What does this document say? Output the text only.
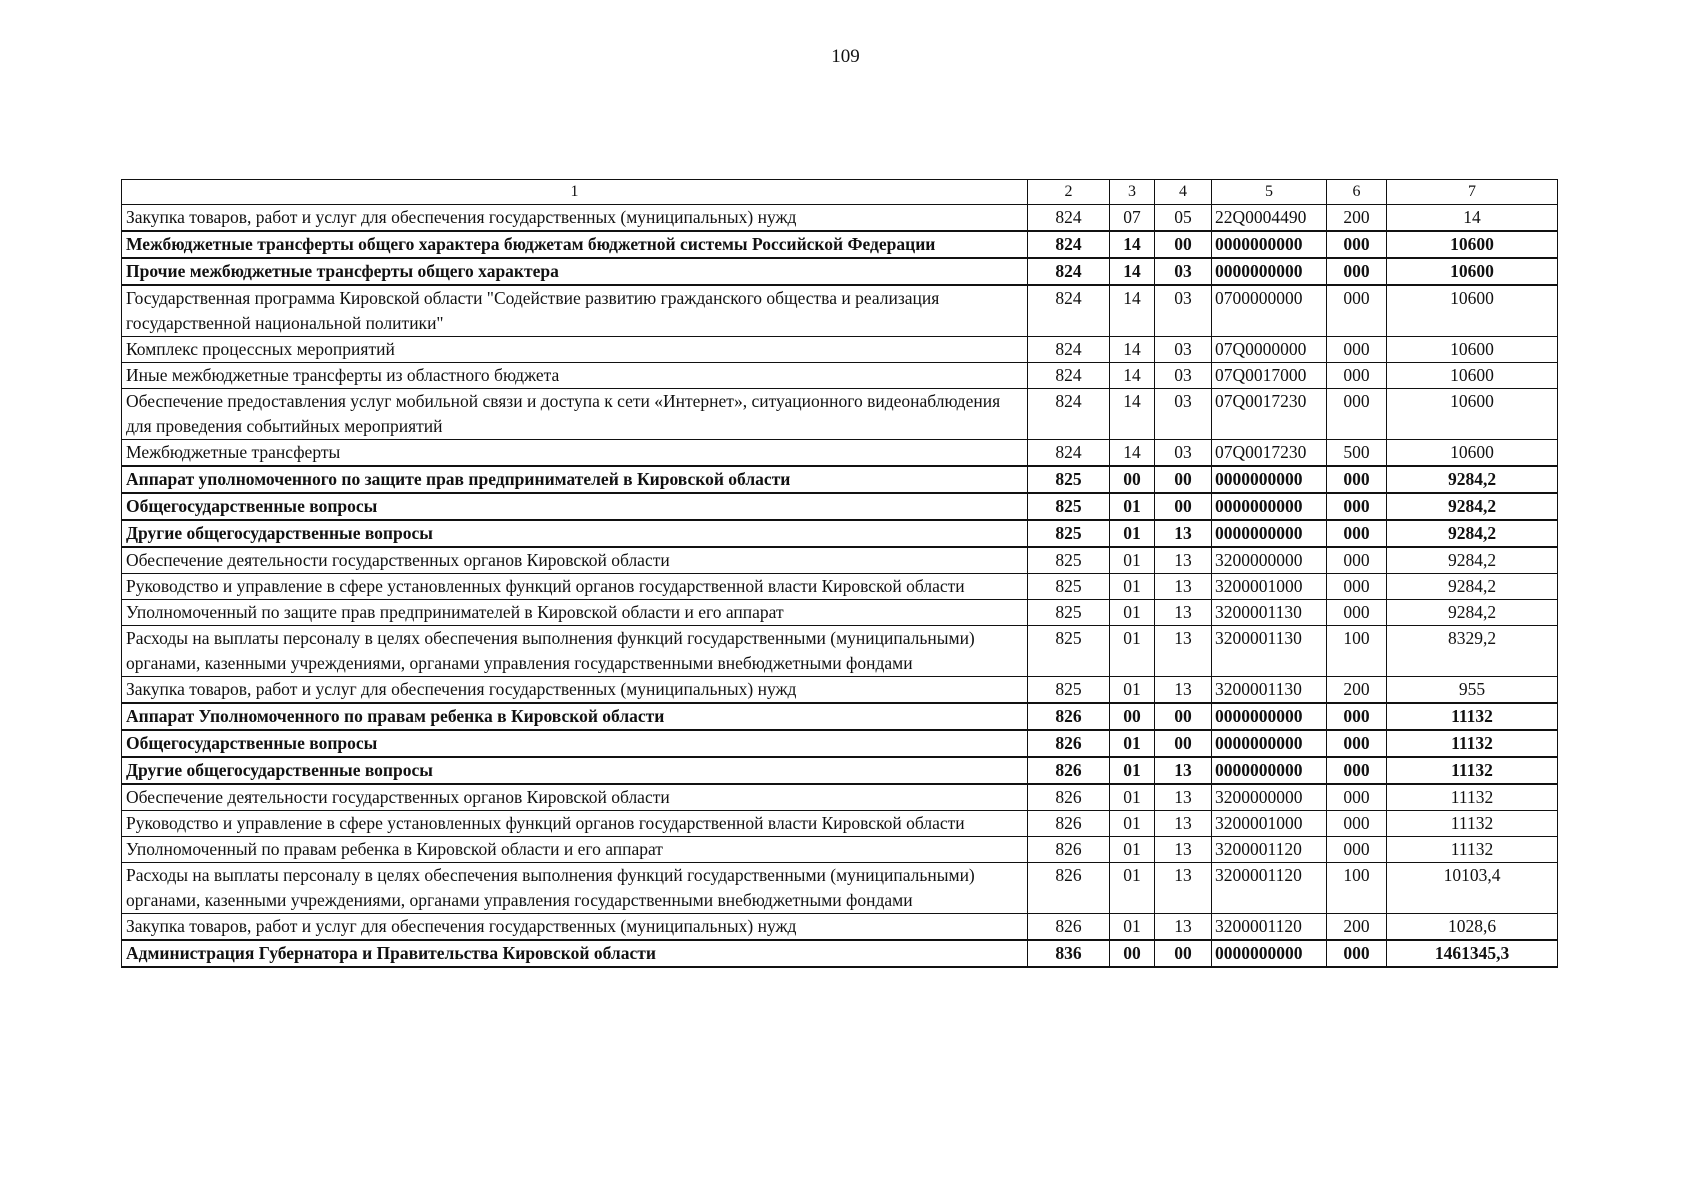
109
1	2	3	4	5	6	7
Закупка товаров, работ и услуг для обеспечения государственных (муниципальных) нужд	824	07	05	22Q0004490	200	14
Межбюджетные трансферты общего характера бюджетам бюджетной системы Российской Федерации	824	14	00	0000000000	000	10600
Прочие межбюджетные трансферты общего характера	824	14	03	0000000000	000	10600
Государственная программа Кировской области "Содействие развитию гражданского общества и реализация государственной национальной политики"	824	14	03	0700000000	000	10600
Комплекс процессных мероприятий	824	14	03	07Q0000000	000	10600
Иные межбюджетные трансферты из областного бюджета	824	14	03	07Q0017000	000	10600
Обеспечение предоставления услуг мобильной связи и доступа к сети «Интернет», ситуационного видеонаблюдения для проведения событийных мероприятий	824	14	03	07Q0017230	000	10600
Межбюджетные трансферты	824	14	03	07Q0017230	500	10600
Аппарат уполномоченного по защите прав предпринимателей в Кировской области	825	00	00	0000000000	000	9284,2
Общегосударственные вопросы	825	01	00	0000000000	000	9284,2
Другие общегосударственные вопросы	825	01	13	0000000000	000	9284,2
Обеспечение деятельности государственных органов Кировской области	825	01	13	3200000000	000	9284,2
Руководство и управление в сфере установленных функций органов государственной власти Кировской области	825	01	13	3200001000	000	9284,2
Уполномоченный по защите прав предпринимателей в Кировской области и его аппарат	825	01	13	3200001130	000	9284,2
Расходы на выплаты персоналу в целях обеспечения выполнения функций государственными (муниципальными) органами, казенными учреждениями, органами управления государственными внебюджетными фондами	825	01	13	3200001130	100	8329,2
Закупка товаров, работ и услуг для обеспечения государственных (муниципальных) нужд	825	01	13	3200001130	200	955
Аппарат Уполномоченного по правам ребенка в Кировской области	826	00	00	0000000000	000	11132
Общегосударственные вопросы	826	01	00	0000000000	000	11132
Другие общегосударственные вопросы	826	01	13	0000000000	000	11132
Обеспечение деятельности государственных органов Кировской области	826	01	13	3200000000	000	11132
Руководство и управление в сфере установленных функций органов государственной власти Кировской области	826	01	13	3200001000	000	11132
Уполномоченный по правам ребенка в Кировской области и его аппарат	826	01	13	3200001120	000	11132
Расходы на выплаты персоналу в целях обеспечения выполнения функций государственными (муниципальными) органами, казенными учреждениями, органами управления государственными внебюджетными фондами	826	01	13	3200001120	100	10103,4
Закупка товаров, работ и услуг для обеспечения государственных (муниципальных) нужд	826	01	13	3200001120	200	1028,6
Администрация Губернатора и Правительства Кировской области	836	00	00	0000000000	000	1461345,3
